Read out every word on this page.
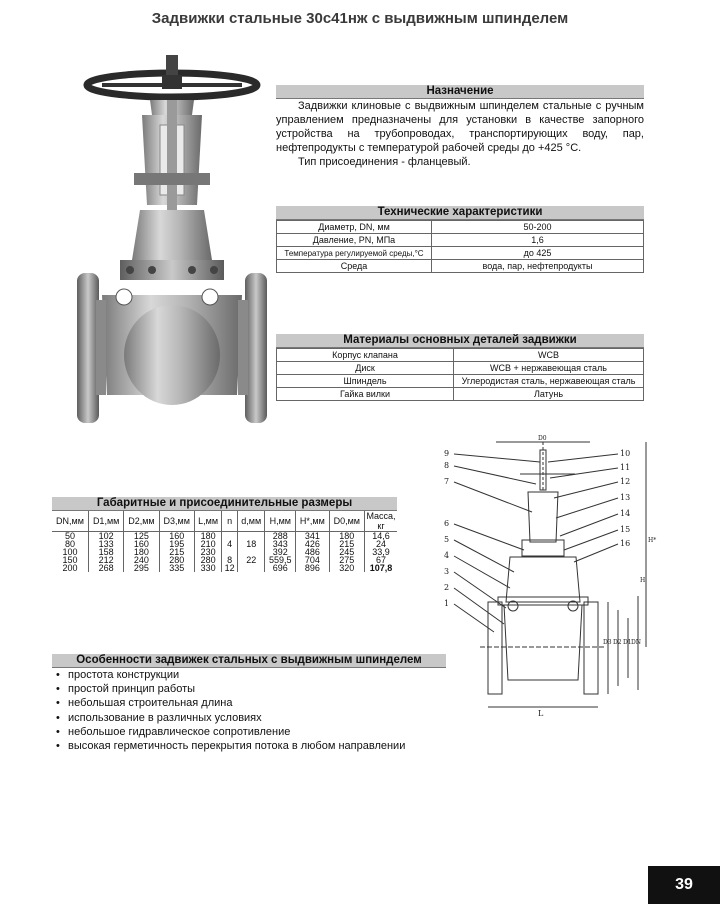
Задвижки стальные 30с41нж с выдвижным шпинделем
Назначение

Задвижки клиновые с выдвижным шпинделем стальные с ручным управлением предназначены для установки в качестве запорного устройства на трубопроводах, транспортирующих воду, пар, нефтепродукты с температурой рабочей среды до +425 °С.

Тип присоединения - фланцевый.

Технические характеристики
Диаметр, DN, мм	50-200
Давление, PN, МПа	1,6
Температура регулируемой среды,°С	до 425
Среда	вода, пар, нефтепродукты
Материалы основных деталей задвижки
Корпус клапана	WCB
Диск	WCB + нержавеющая сталь
Шпиндель	Углеродистая сталь, нержавеющая сталь
Гайка вилки	Латунь
Габаритные и присоединительные размеры
DN,мм	D1,мм	D2,мм	D3,мм	L,мм	n	d,мм	H,мм	H*,мм	D0,мм	Масса, кг
50	102	125	160	180			288	341	180	14,6
80	133	160	195	210	4	18	343	426	215	24
100	158	180	215	230			392	486	245	33,9
150	212	240	280	280	8	22	559,5	704	275	67
200	268	295	335	330	12		696	896	320	107,8
9
8
7
6
5
4
3
2
1
10
11
12
13
14
15
16
L
D3 D2 D1 DN
H
H*
D0
Особенности задвижек стальных с выдвижным шпинделем
• простота конструкции
• простой принцип работы
• небольшая строительная длина
• использование в различных условиях
• небольшое гидравлическое сопротивление
• высокая герметичность перекрытия потока в любом направлении
39
